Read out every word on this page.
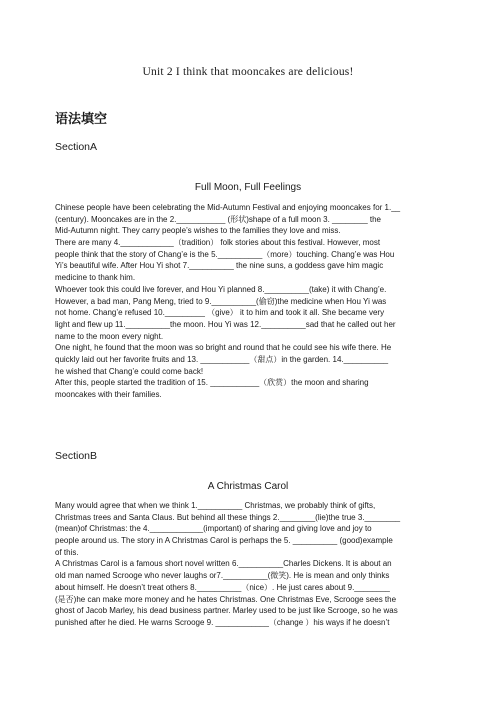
Unit 2 I think that mooncakes are delicious!
语法填空
SectionA
Full Moon, Full Feelings
Chinese people have been celebrating the Mid-Autumn Festival and enjoying mooncakes for 1.__
(century). Mooncakes are in the 2.___________ (形状)shape of a full moon 3. ________ the
Mid-Autumn night. They carry people’s wishes to the families they love and miss.
There are many 4.____________（tradition） folk stories about this festival. However, most
people think that the story of Chang’e is the 5.__________（more）touching. Chang’e was Hou
Yi’s beautiful wife. After Hou Yi shot 7.__________ the nine suns, a goddess gave him magic
medicine to thank him.
Whoever took this could live forever, and Hou Yi planned 8.__________(take) it with Chang’e.
However, a bad man, Pang Meng, tried to 9.__________(偷窃)the medicine when Hou Yi was
not home. Chang’e refused 10._________ （give） it to him and took it all. She became very
light and flew up 11.__________the moon. Hou Yi was 12.__________sad that he called out her
name to the moon every night.
One night, he found that the moon was so bright and round that he could see his wife there. He
quickly laid out her favorite fruits and 13. ___________（甜点）in the garden. 14.__________
he wished that Chang’e could come back!
After this, people started the tradition of 15. ___________（欣赏）the moon and sharing
mooncakes with their families.
SectionB
A Christmas Carol
Many would agree that when we think 1.__________ Christmas, we probably think of gifts,
Christmas trees and Santa Claus. But behind all these things 2.________(lie)the true 3.________
(mean)of Christmas: the 4.____________(important) of sharing and giving love and joy to
people around us. The story in A Christmas Carol is perhaps the 5. __________ (good)example
of this.
A Christmas Carol is a famous short novel written 6.__________Charles Dickens. It is about an
old man named Scrooge who never laughs or7.__________(微笑). He is mean and only thinks
about himself. He doesn’t treat others 8.__________（nice）. He just cares about 9.________
(是否)he can make more money and he hates Christmas. One Christmas Eve, Scrooge sees the
ghost of Jacob Marley, his dead business partner. Marley used to be just like Scrooge, so he was
punished after he died. He warns Scrooge 9. ____________（change ）his ways if he doesn’t
